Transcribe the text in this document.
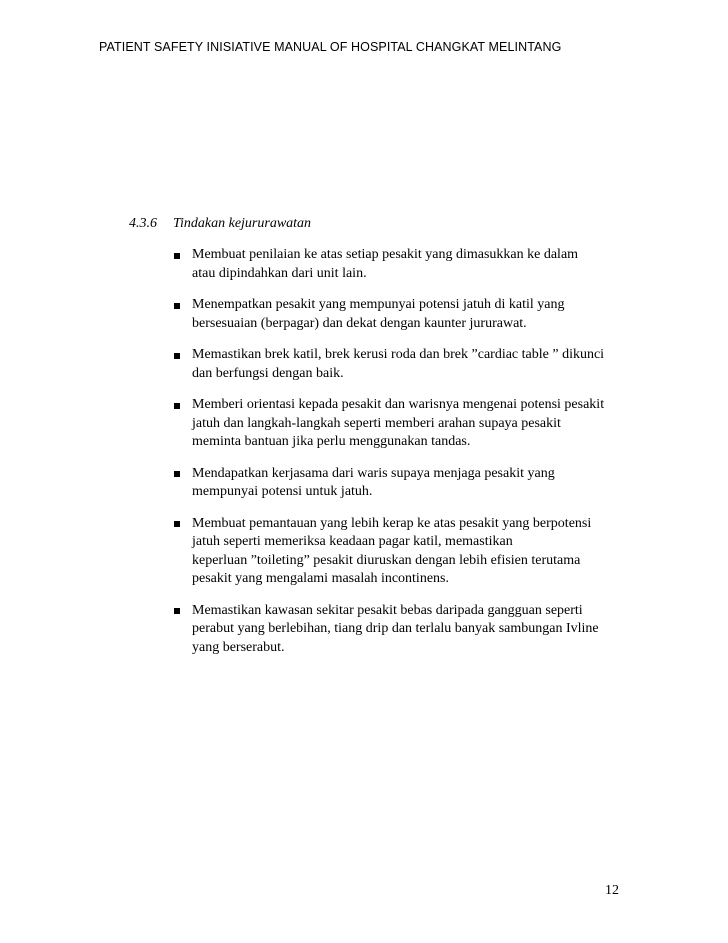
PATIENT SAFETY INISIATIVE MANUAL OF HOSPITAL CHANGKAT MELINTANG
4.3.6 Tindakan kejururawatan
Membuat penilaian ke atas setiap pesakit yang dimasukkan ke dalam
atau dipindahkan dari unit lain.
Menempatkan pesakit yang mempunyai potensi jatuh di katil yang
bersesuaian (berpagar) dan dekat dengan kaunter jururawat.
Memastikan brek katil, brek kerusi roda dan brek ”cardiac table ” dikunci
dan berfungsi dengan baik.
Memberi orientasi kepada pesakit dan warisnya mengenai potensi pesakit
jatuh dan langkah-langkah seperti memberi arahan supaya pesakit
meminta bantuan jika perlu menggunakan tandas.
Mendapatkan kerjasama dari waris supaya menjaga pesakit yang
mempunyai potensi untuk jatuh.
Membuat pemantauan yang lebih kerap ke atas pesakit yang berpotensi
jatuh seperti memeriksa keadaan pagar katil, memastikan
keperluan ”toileting” pesakit diuruskan dengan lebih efisien terutama
pesakit yang mengalami masalah incontinens.
Memastikan kawasan sekitar pesakit bebas daripada gangguan seperti
perabut yang berlebihan, tiang drip dan terlalu banyak sambungan Ivline
yang berserabut.
12
